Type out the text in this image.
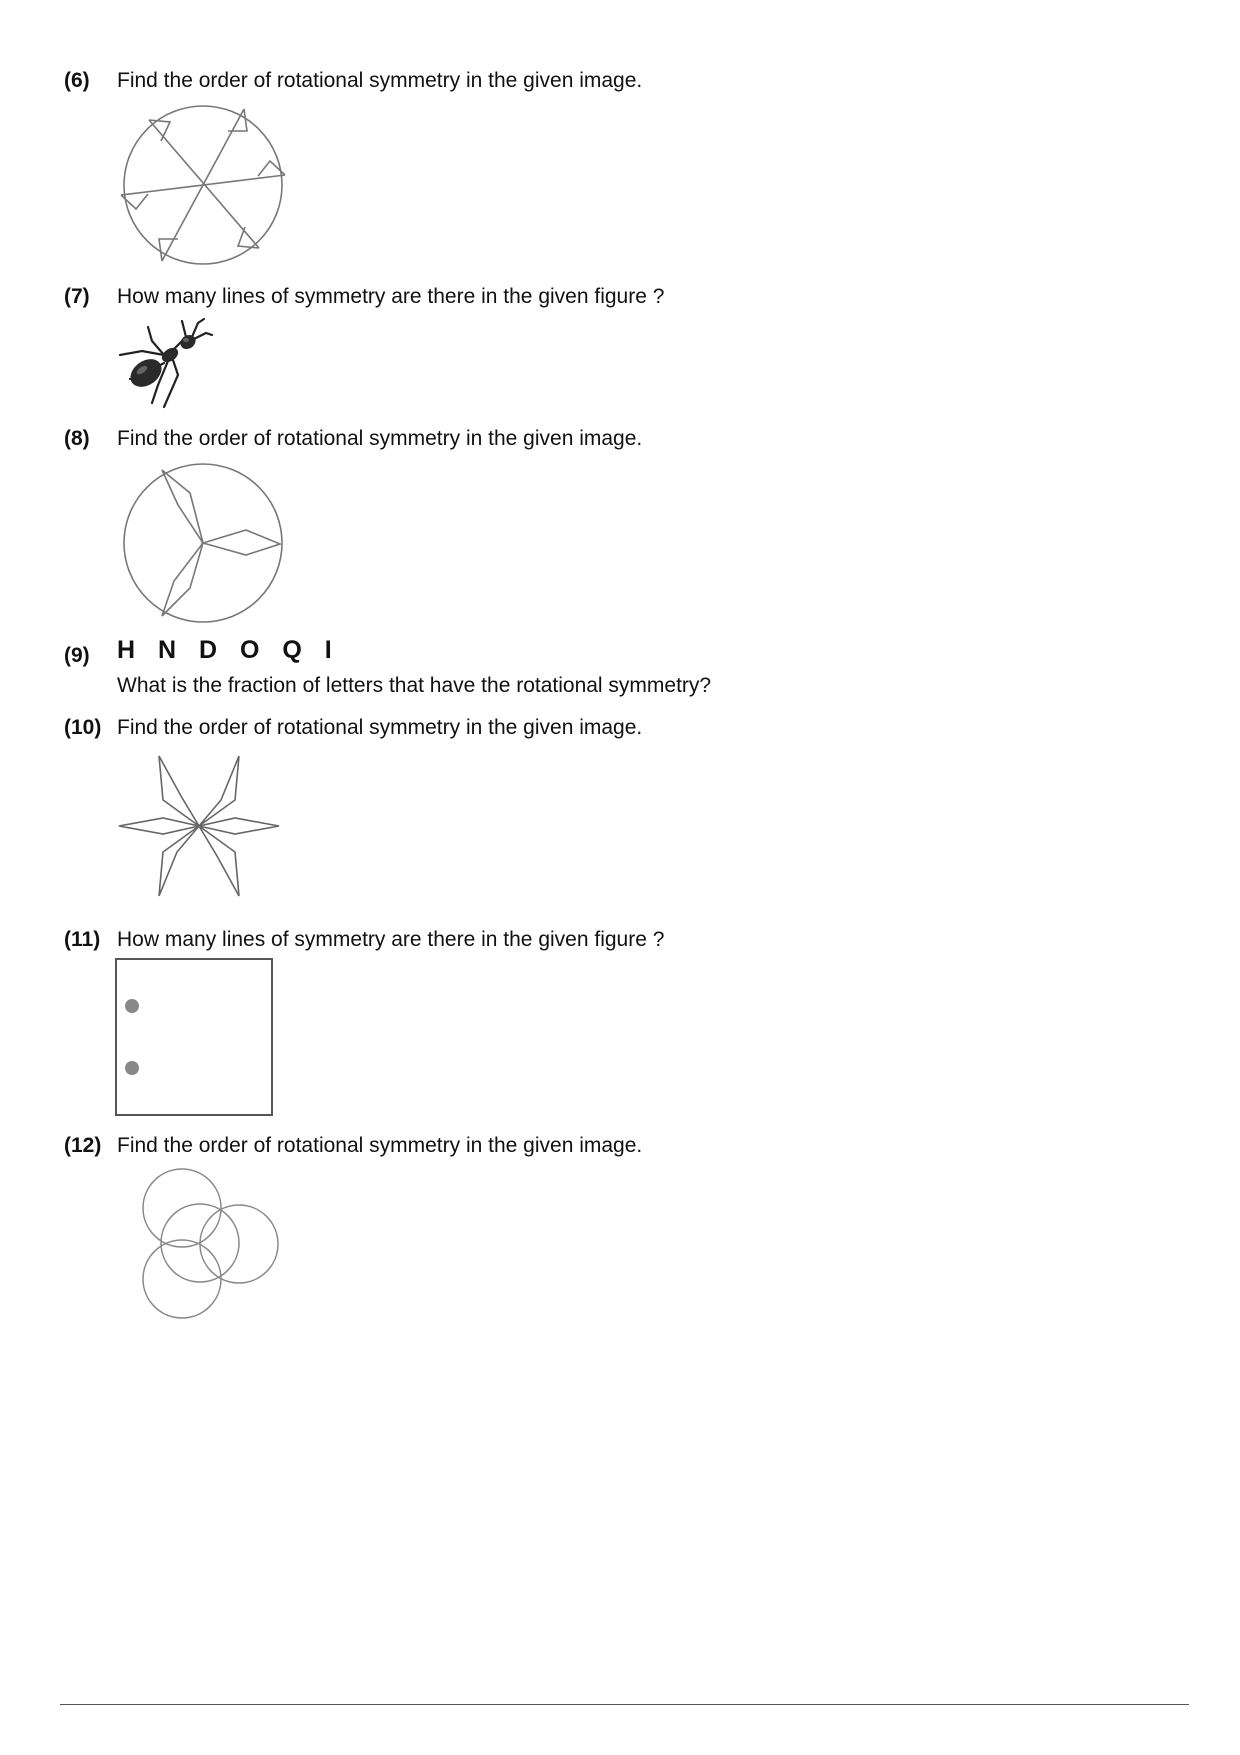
(6) Find the order of rotational symmetry in the given image.
(7) How many lines of symmetry are there in the given figure ?
(8) Find the order of rotational symmetry in the given image.
(9) H N D O Q I
What is the fraction of letters that have the rotational symmetry?
(10) Find the order of rotational symmetry in the given image.
(11) How many lines of symmetry are there in the given figure ?
(12) Find the order of rotational symmetry in the given image.
